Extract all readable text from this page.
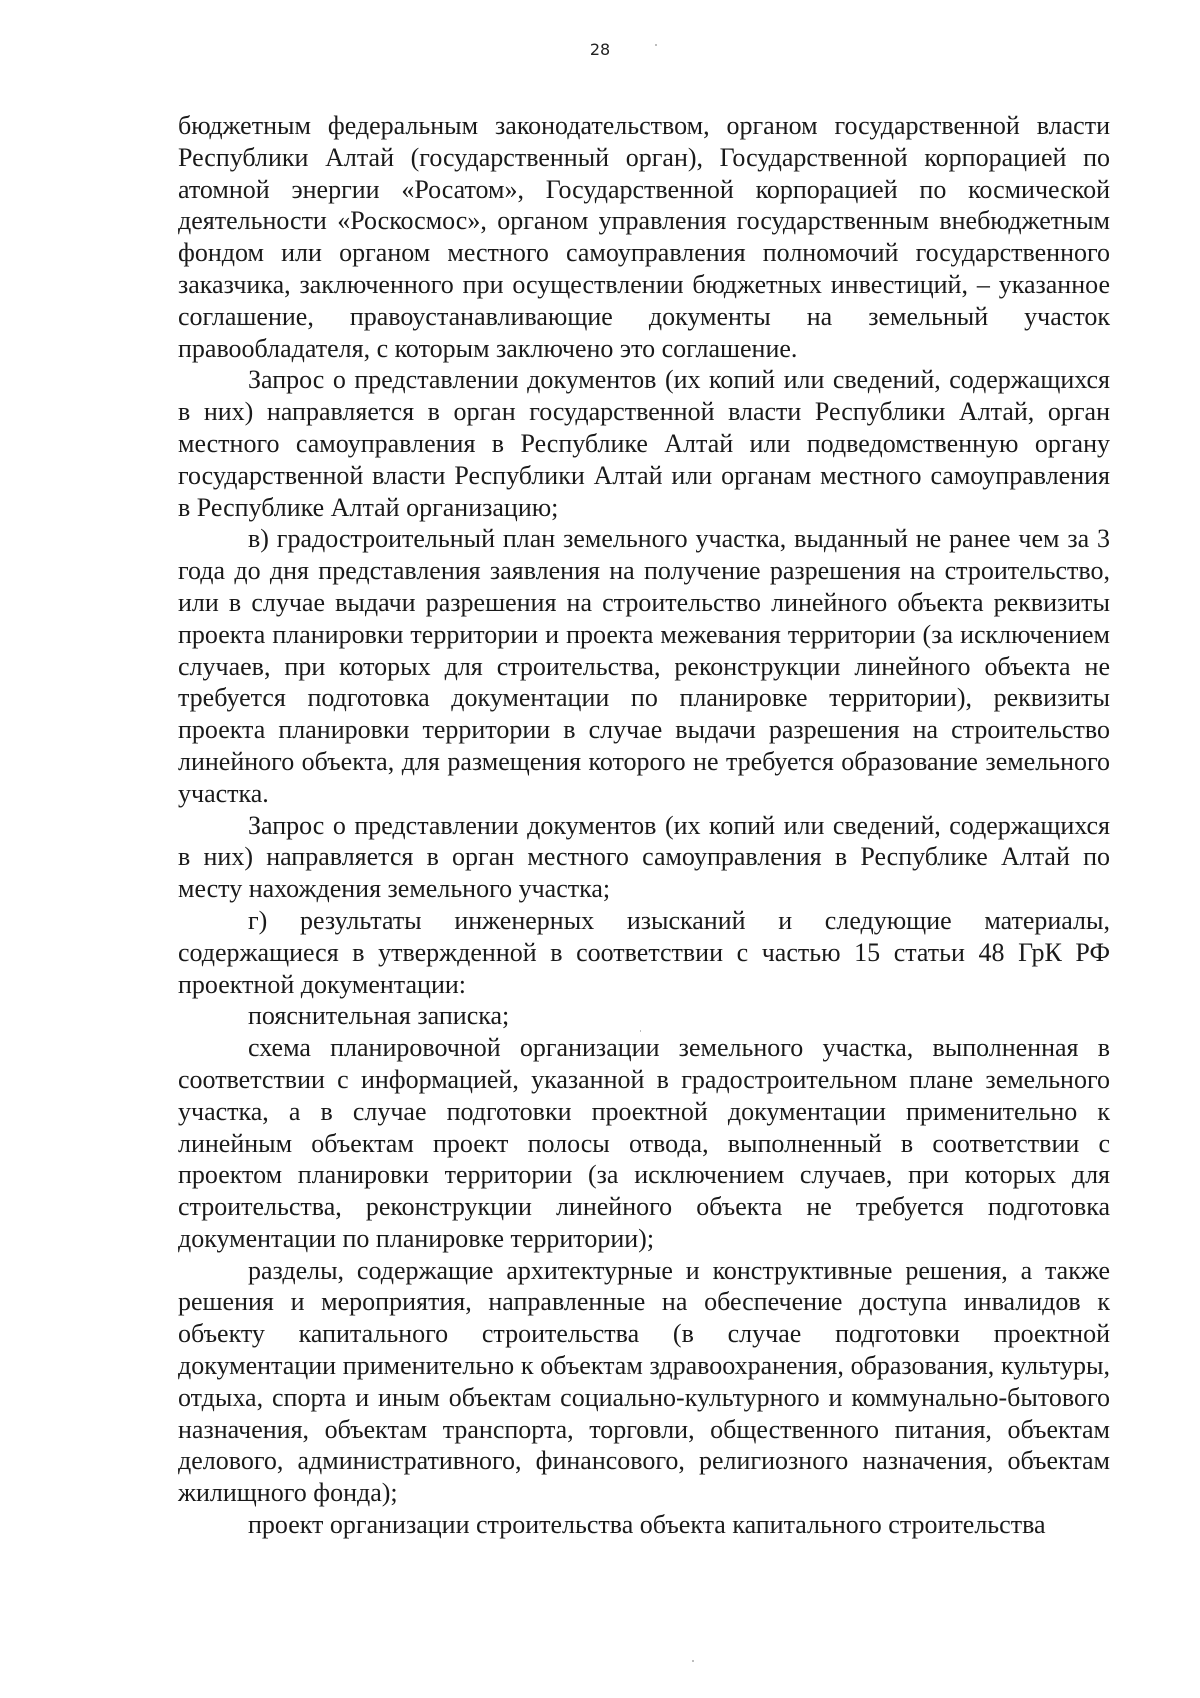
28

бюджетным федеральным законодательством, органом государственной власти Республики Алтай (государственный орган), Государственной корпорацией по атомной энергии «Росатом», Государственной корпорацией по космической деятельности «Роскосмос», органом управления государственным внебюджетным фондом или органом местного самоуправления полномочий государственного заказчика, заключенного при осуществлении бюджетных инвестиций, – указанное соглашение, правоустанавливающие документы на земельный участок правообладателя, с которым заключено это соглашение.

Запрос о представлении документов (их копий или сведений, содержащихся в них) направляется в орган государственной власти Республики Алтай, орган местного самоуправления в Республике Алтай или подведомственную органу государственной власти Республики Алтай или органам местного самоуправления в Республике Алтай организацию;

в) градостроительный план земельного участка, выданный не ранее чем за 3 года до дня представления заявления на получение разрешения на строительство, или в случае выдачи разрешения на строительство линейного объекта реквизиты проекта планировки территории и проекта межевания территории (за исключением случаев, при которых для строительства, реконструкции линейного объекта не требуется подготовка документации по планировке территории), реквизиты проекта планировки территории в случае выдачи разрешения на строительство линейного объекта, для размещения которого не требуется образование земельного участка.

Запрос о представлении документов (их копий или сведений, содержащихся в них) направляется в орган местного самоуправления в Республике Алтай по месту нахождения земельного участка;

г) результаты инженерных изысканий и следующие материалы, содержащиеся в утвержденной в соответствии с частью 15 статьи 48 ГрК РФ проектной документации:

пояснительная записка;

схема планировочной организации земельного участка, выполненная в соответствии с информацией, указанной в градостроительном плане земельного участка, а в случае подготовки проектной документации применительно к линейным объектам проект полосы отвода, выполненный в соответствии с проектом планировки территории (за исключением случаев, при которых для строительства, реконструкции линейного объекта не требуется подготовка документации по планировке территории);

разделы, содержащие архитектурные и конструктивные решения, а также решения и мероприятия, направленные на обеспечение доступа инвалидов к объекту капитального строительства (в случае подготовки проектной документации применительно к объектам здравоохранения, образования, культуры, отдыха, спорта и иным объектам социально-культурного и коммунально-бытового назначения, объектам транспорта, торговли, общественного питания, объектам делового, административного, финансового, религиозного назначения, объектам жилищного фонда);

проект организации строительства объекта капитального строительства
